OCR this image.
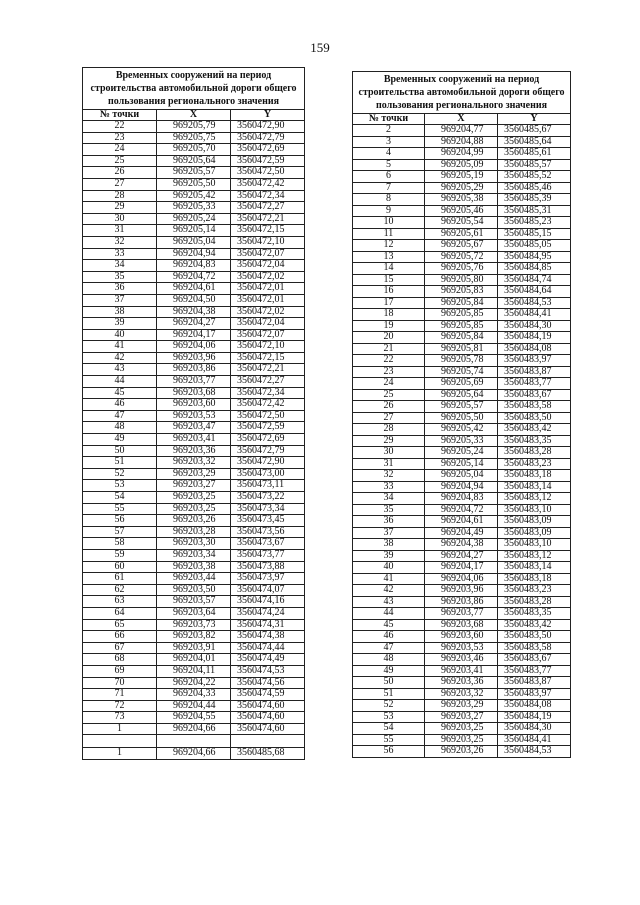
159
Временных сооружений на период строительства автомобильной дороги общего пользования регионального значения		
№ точки	X	Y
22	969205,79	3560472,90
23	969205,75	3560472,79
24	969205,70	3560472,69
25	969205,64	3560472,59
26	969205,57	3560472,50
27	969205,50	3560472,42
28	969205,42	3560472,34
29	969205,33	3560472,27
30	969205,24	3560472,21
31	969205,14	3560472,15
32	969205,04	3560472,10
33	969204,94	3560472,07
34	969204,83	3560472,04
35	969204,72	3560472,02
36	969204,61	3560472,01
37	969204,50	3560472,01
38	969204,38	3560472,02
39	969204,27	3560472,04
40	969204,17	3560472,07
41	969204,06	3560472,10
42	969203,96	3560472,15
43	969203,86	3560472,21
44	969203,77	3560472,27
45	969203,68	3560472,34
46	969203,60	3560472,42
47	969203,53	3560472,50
48	969203,47	3560472,59
49	969203,41	3560472,69
50	969203,36	3560472,79
51	969203,32	3560472,90
52	969203,29	3560473,00
53	969203,27	3560473,11
54	969203,25	3560473,22
55	969203,25	3560473,34
56	969203,26	3560473,45
57	969203,28	3560473,56
58	969203,30	3560473,67
59	969203,34	3560473,77
60	969203,38	3560473,88
61	969203,44	3560473,97
62	969203,50	3560474,07
63	969203,57	3560474,16
64	969203,64	3560474,24
65	969203,73	3560474,31
66	969203,82	3560474,38
67	969203,91	3560474,44
68	969204,01	3560474,49
69	969204,11	3560474,53
70	969204,22	3560474,56
71	969204,33	3560474,59
72	969204,44	3560474,60
73	969204,55	3560474,60
1	969204,66	3560474,60

1	969204,66	3560485,68
Временных сооружений на период строительства автомобильной дороги общего пользования регионального значения		
№ точки	X	Y
2	969204,77	3560485,67
3	969204,88	3560485,64
4	969204,99	3560485,61
5	969205,09	3560485,57
6	969205,19	3560485,52
7	969205,29	3560485,46
8	969205,38	3560485,39
9	969205,46	3560485,31
10	969205,54	3560485,23
11	969205,61	3560485,15
12	969205,67	3560485,05
13	969205,72	3560484,95
14	969205,76	3560484,85
15	969205,80	3560484,74
16	969205,83	3560484,64
17	969205,84	3560484,53
18	969205,85	3560484,41
19	969205,85	3560484,30
20	969205,84	3560484,19
21	969205,81	3560484,08
22	969205,78	3560483,97
23	969205,74	3560483,87
24	969205,69	3560483,77
25	969205,64	3560483,67
26	969205,57	3560483,58
27	969205,50	3560483,50
28	969205,42	3560483,42
29	969205,33	3560483,35
30	969205,24	3560483,28
31	969205,14	3560483,23
32	969205,04	3560483,18
33	969204,94	3560483,14
34	969204,83	3560483,12
35	969204,72	3560483,10
36	969204,61	3560483,09
37	969204,49	3560483,09
38	969204,38	3560483,10
39	969204,27	3560483,12
40	969204,17	3560483,14
41	969204,06	3560483,18
42	969203,96	3560483,23
43	969203,86	3560483,28
44	969203,77	3560483,35
45	969203,68	3560483,42
46	969203,60	3560483,50
47	969203,53	3560483,58
48	969203,46	3560483,67
49	969203,41	3560483,77
50	969203,36	3560483,87
51	969203,32	3560483,97
52	969203,29	3560484,08
53	969203,27	3560484,19
54	969203,25	3560484,30
55	969203,25	3560484,41
56	969203,26	3560484,53
